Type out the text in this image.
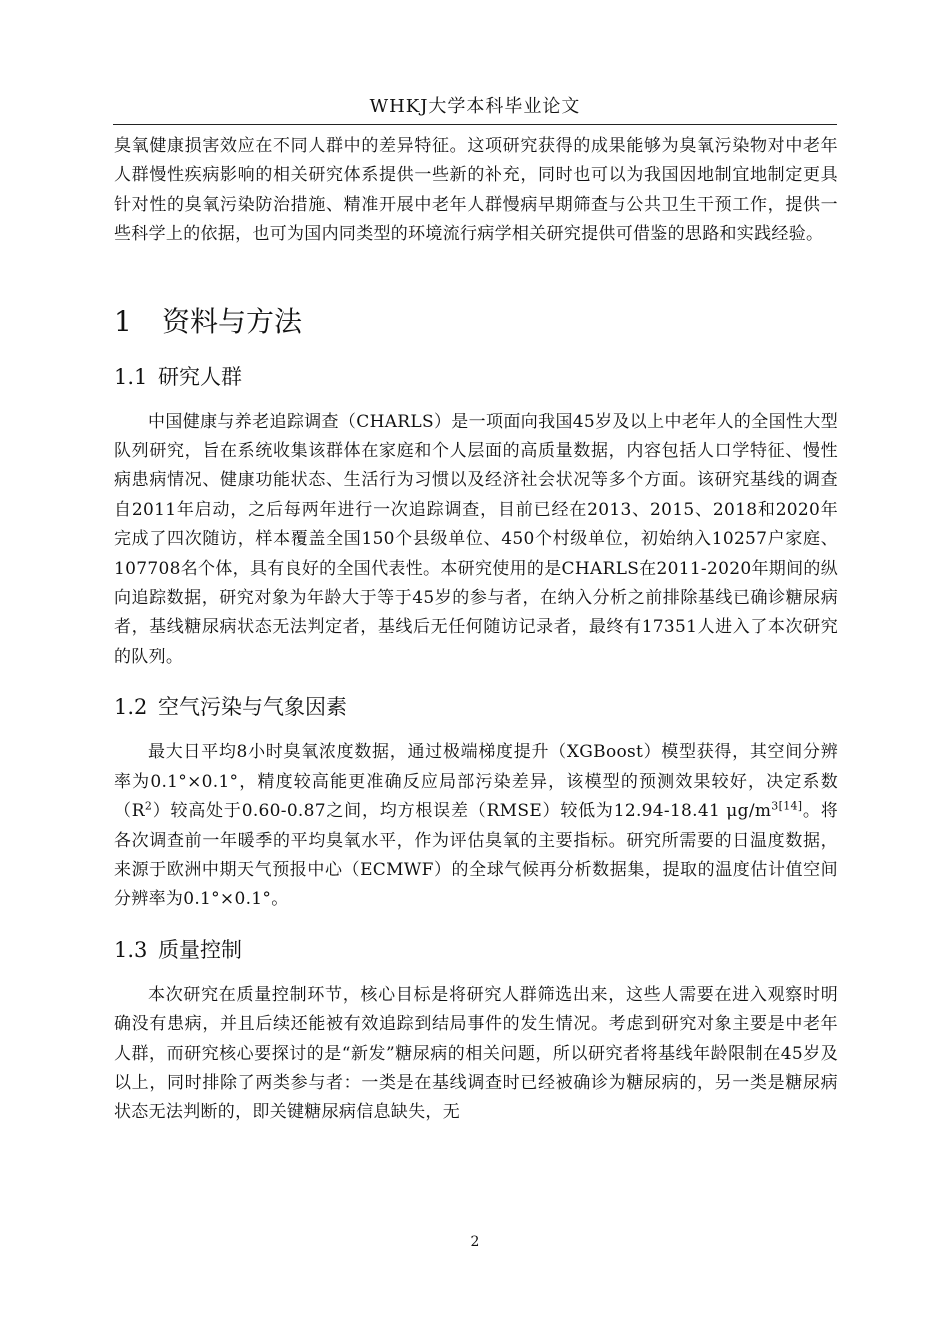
WHKJ大学本科毕业论文

臭氧健康损害效应在不同人群中的差异特征。这项研究获得的成果能够为臭氧污染物对中老年人群慢性疾病影响的相关研究体系提供一些新的补充，同时也可以为我国因地制宜地制定更具针对性的臭氧污染防治措施、精准开展中老年人群慢病早期筛查与公共卫生干预工作，提供一些科学上的依据，也可为国内同类型的环境流行病学相关研究提供可借鉴的思路和实践经验。

1 资料与方法
1.1 研究人群

中国健康与养老追踪调查（CHARLS）是一项面向我国45岁及以上中老年人的全国性大型队列研究，旨在系统收集该群体在家庭和个人层面的高质量数据，内容包括人口学特征、慢性病患病情况、健康功能状态、生活行为习惯以及经济社会状况等多个方面。该研究基线的调查自2011年启动，之后每两年进行一次追踪调查，目前已经在2013、2015、2018和2020年完成了四次随访，样本覆盖全国150个县级单位、450个村级单位，初始纳入10257户家庭、107708名个体，具有良好的全国代表性。本研究使用的是CHARLS在2011-2020年期间的纵向追踪数据，研究对象为年龄大于等于45岁的参与者，在纳入分析之前排除基线已确诊糖尿病者，基线糖尿病状态无法判定者，基线后无任何随访记录者，最终有17351人进入了本次研究的队列。

1.2 空气污染与气象因素

最大日平均8小时臭氧浓度数据，通过极端梯度提升（XGBoost）模型获得，其空间分辨率为0.1°×0.1°，精度较高能更准确反应局部污染差异，该模型的预测效果较好，决定系数$(R^2)$较高处于0.60-0.87之间，均方根误差（RMSE）较低为12.94-18.41 $\mu g/m^{3[14]}$。将各次调查前一年暖季的平均臭氧水平，作为评估臭氧的主要指标。研究所需要的日温度数据，来源于欧洲中期天气预报中心（ECMWF）的全球气候再分析数据集，提取的温度估计值空间分辨率为0.1°×0.1°。

1.3 质量控制

本次研究在质量控制环节，核心目标是将研究人群筛选出来，这些人需要在进入观察时明确没有患病，并且后续还能被有效追踪到结局事件的发生情况。考虑到研究对象主要是中老年人群，而研究核心要探讨的是“新发”糖尿病的相关问题，所以研究者将基线年龄限制在45岁及以上，同时排除了两类参与者：一类是在基线调查时已经被确诊为糖尿病的，另一类是糖尿病状态无法判断的，即关键糖尿病信息缺失，无

2
